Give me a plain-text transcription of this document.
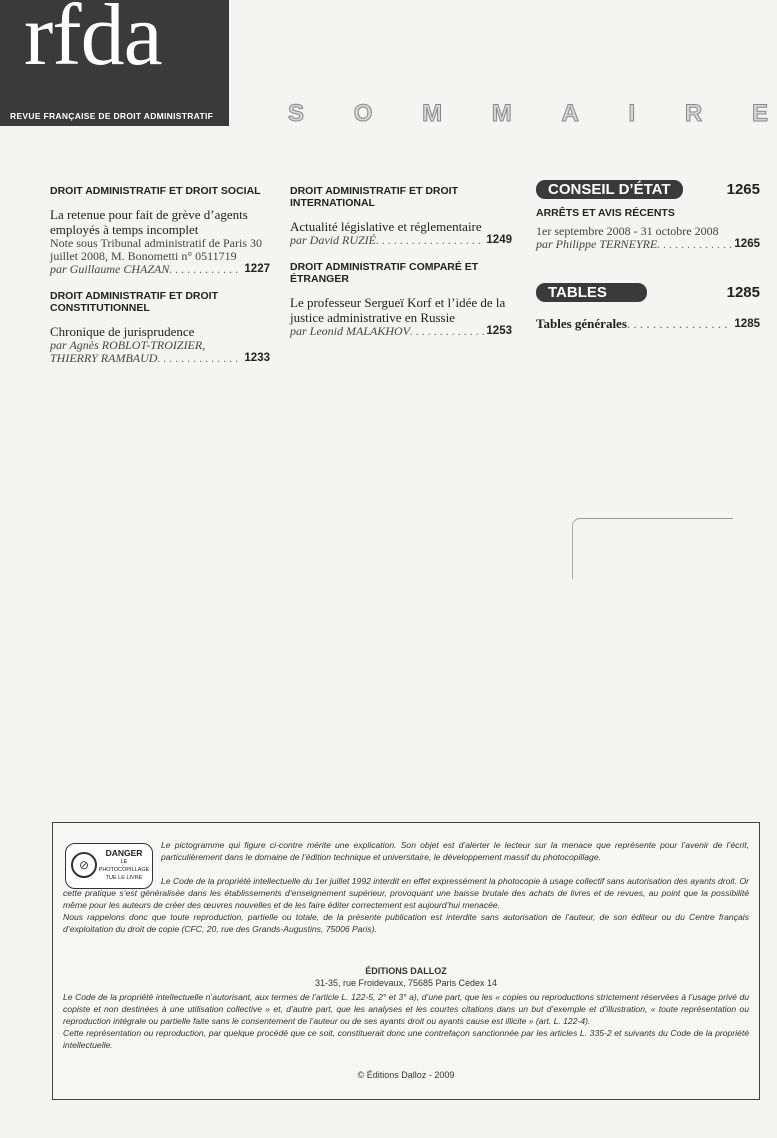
rfda
REVUE FRANÇAISE DE DROIT ADMINISTRATIF	S O M M A I R E
DROIT ADMINISTRATIF ET DROIT SOCIAL

La retenue pour fait de grève d’agents employés à temps incomplet

Note sous Tribunal administratif de Paris 30 juillet 2008, M. Bonometti n° 0511719

par Guillaume CHAZAN . . .	1227
DROIT ADMINISTRATIF ET DROIT CONSTITUTIONNEL

Chronique de jurisprudence

par Agnès ROBLOT-TROIZIER,

THIERRY RAMBAUD . . .	1233
DROIT ADMINISTRATIF ET DROIT INTERNATIONAL

Actualité législative et réglementaire

par David RUZIÉ . . .	1249
DROIT ADMINISTRATIF COMPARÉ ET ÉTRANGER

Le professeur Sergueï Korf et l’idée de la justice administrative en Russie

par Leonid MALAKHOV . . .	1253
CONSEIL D’ÉTAT	1265
ARRÊTS ET AVIS RÉCENTS

1er septembre 2008 - 31 octobre 2008

par Philippe TERNEYRE . . .	1265
TABLES	1285
Tables générales . . .	1285
⊘
DANGER
LE
PHOTOCOPILLAGE
TUE LE LIVRE

Le pictogramme qui figure ci-contre mérite une explication. Son objet est d’alerter le lecteur sur la menace que représente pour l’avenir de l’écrit, particulièrement dans le domaine de l’édition technique et universitaire, le développement massif du photocopillage.

Le Code de la propriété intellectuelle du 1er juillet 1992 interdit en effet expressément la photocopie à usage collectif sans autorisation des ayants droit. Or cette pratique s’est généralisée dans les établissements d’enseignement supérieur, provoquant une baisse brutale des achats de livres et de revues, au point que la possibilité même pour les auteurs de créer des œuvres nouvelles et de les faire éditer correctement est aujourd’hui menacée.

Nous rappelons donc que toute reproduction, partielle ou totale, de la présente publication est interdite sans autorisation de l’auteur, de son éditeur ou du Centre français d’exploitation du droit de copie (CFC, 20, rue des Grands-Augustins, 75006 Paris).

ÉDITIONS DALLOZ
31-35, rue Froidevaux, 75685 Paris Cedex 14

Le Code de la propriété intellectuelle n’autorisant, aux termes de l’article L. 122-5, 2° et 3° a), d’une part, que les « copies ou reproductions strictement réservées à l’usage privé du copiste et non destinées à une utilisation collective » et, d’autre part, que les analyses et les courtes citations dans un but d’exemple et d’illustration, « toute représentation ou reproduction intégrale ou partielle faite sans le consentement de l’auteur ou de ses ayants droit ou ayants cause est illicite » (art. L. 122-4).

Cette représentation ou reproduction, par quelque procédé que ce soit, constituerait donc une contrefaçon sanctionnée par les articles L. 335-2 et suivants du Code de la propriété intellectuelle.

© Éditions Dalloz - 2009
